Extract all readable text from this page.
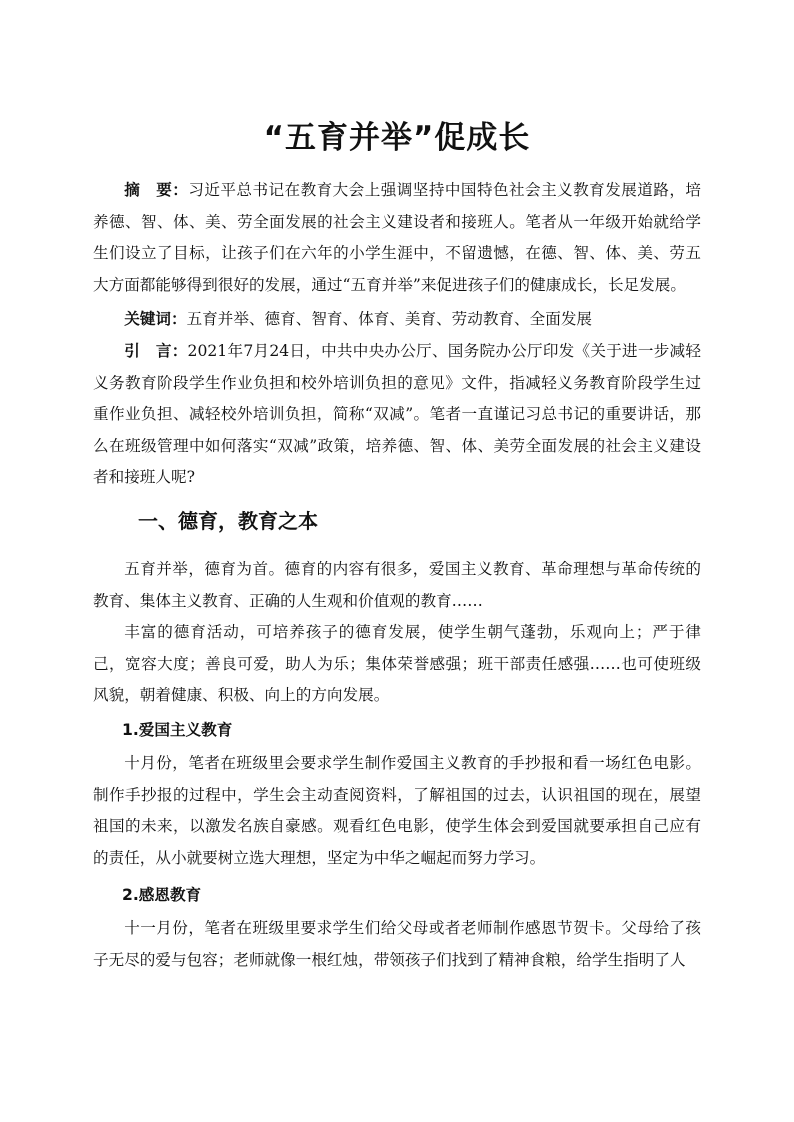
“五育并举”促成长

摘　要：习近平总书记在教育大会上强调坚持中国特色社会主义教育发展道路，培养德、智、体、美、劳全面发展的社会主义建设者和接班人。笔者从一年级开始就给学生们设立了目标，让孩子们在六年的小学生涯中，不留遗憾，在德、智、体、美、劳五大方面都能够得到很好的发展，通过“五育并举”来促进孩子们的健康成长，长足发展。

关键词：五育并举、德育、智育、体育、美育、劳动教育、全面发展

引　言：2021年7月24日，中共中央办公厅、国务院办公厅印发《关于进一步减轻义务教育阶段学生作业负担和校外培训负担的意见》文件，指减轻义务教育阶段学生过重作业负担、减轻校外培训负担，简称“双减”。笔者一直谨记习总书记的重要讲话，那么在班级管理中如何落实“双减”政策，培养德、智、体、美劳全面发展的社会主义建设者和接班人呢?

一、德育，教育之本

五育并举，德育为首。德育的内容有很多，爱国主义教育、革命理想与革命传统的教育、集体主义教育、正确的人生观和价值观的教育……

丰富的德育活动，可培养孩子的德育发展，使学生朝气蓬勃，乐观向上；严于律己，宽容大度；善良可爱，助人为乐；集体荣誉感强；班干部责任感强……也可使班级风貌，朝着健康、积极、向上的方向发展。

1.爱国主义教育

十月份，笔者在班级里会要求学生制作爱国主义教育的手抄报和看一场红色电影。制作手抄报的过程中，学生会主动查阅资料，了解祖国的过去，认识祖国的现在，展望祖国的未来，以激发名族自豪感。观看红色电影，使学生体会到爱国就要承担自己应有的责任，从小就要树立选大理想，坚定为中华之崛起而努力学习。

2.感恩教育

十一月份，笔者在班级里要求学生们给父母或者老师制作感恩节贺卡。父母给了孩子无尽的爱与包容；老师就像一根红烛，带领孩子们找到了精神食粮，给学生指明了人
